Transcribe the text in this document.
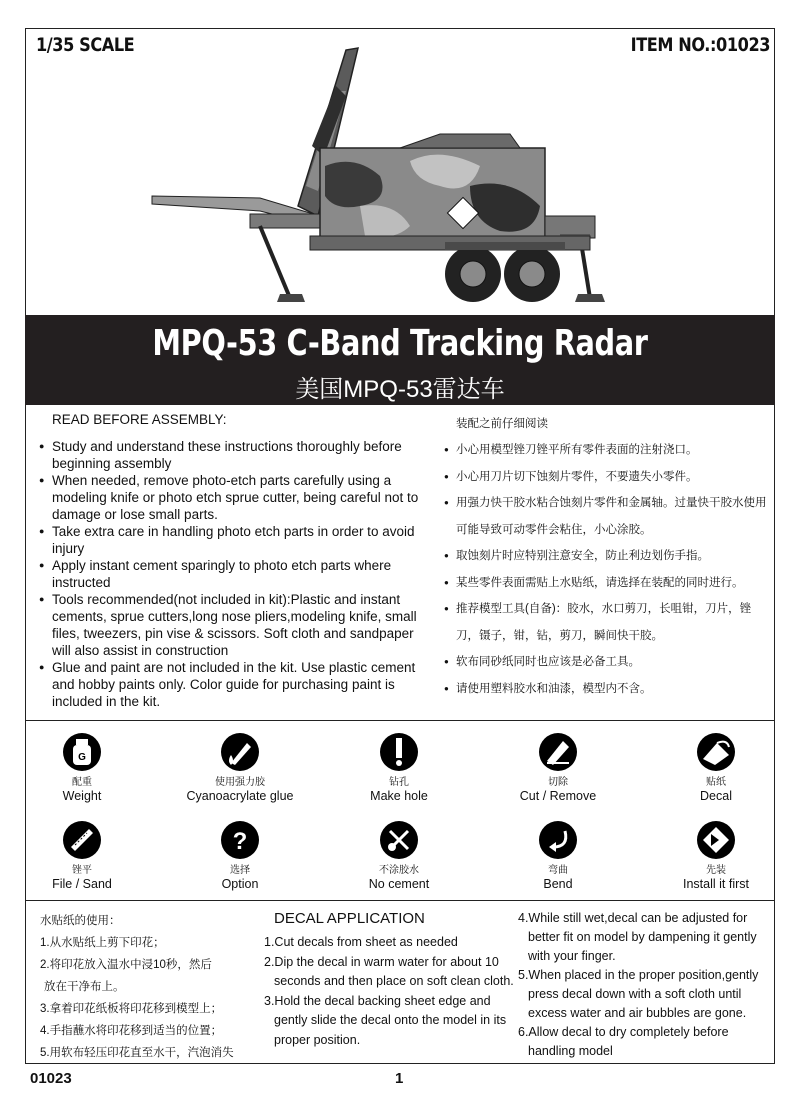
1/35 SCALE	ITEM NO.:01023
MPQ-53 C-Band Tracking Radar
美国MPQ-53雷达车
READ BEFORE ASSEMBLY:
● Study and understand these instructions thoroughly before beginning assembly
● When needed, remove photo-etch parts carefully using a modeling knife or photo etch sprue cutter, being careful not to damage or lose small parts.
● Take extra care in handling photo etch parts in order to avoid injury
● Apply instant cement sparingly to photo etch parts where instructed
● Tools recommended(not included in kit):Plastic and instant cements, sprue cutters,long nose pliers,modeling knife, small files, tweezers, pin vise & scissors. Soft cloth and sandpaper will also assist in construction
● Glue and paint are not included in the kit. Use plastic cement and hobby paints only. Color guide for purchasing paint is included in the kit.
装配之前仔细阅读
● 小心用模型锉刀锉平所有零件表面的注射浇口。
● 小心用刀片切下蚀刻片零件，不要遗失小零件。
● 用强力快干胶水粘合蚀刻片零件和金属轴。过量快干胶水使用可能导致可动零件会粘住，小心涂胶。
● 取蚀刻片时应特别注意安全，防止利边划伤手指。
● 某些零件表面需贴上水贴纸，请选择在装配的同时进行。
● 推荐模型工具(自备)：胶水，水口剪刀，长咀钳，刀片，锉刀，镊子，钳，钻，剪刀，瞬间快干胶。
● 软布同砂纸同时也应该是必备工具。
● 请使用塑料胶水和油漆，模型内不含。
G
配重
Weight
使用强力胶
Cyanoacrylate glue
钻孔
Make hole
切除
Cut / Remove
贴纸
Decal
锉平
File / Sand
?
选择
Option
不涂胶水
No cement
弯曲
Bend
先装
Install it first
水贴纸的使用：
1.从水贴纸上剪下印花；
2.将印花放入温水中浸10秒，然后
放在干净布上。
3.拿着印花纸板将印花移到模型上；
4.手指蘸水将印花移到适当的位置；
5.用软布轻压印花直至水干，汽泡消失
DECAL APPLICATION

1.Cut decals from sheet as needed

2.Dip the decal in warm water for about 10 seconds and then place on soft clean cloth.

3.Hold the decal backing sheet edge and gently slide the decal onto the model in its proper position.

4.While still wet,decal can be adjusted for better fit on model by dampening it gently with your finger.

5.When placed in the proper position,gently press decal down with a soft cloth until excess water and air bubbles are gone.

6.Allow decal to dry completely before handling model

01023	1
